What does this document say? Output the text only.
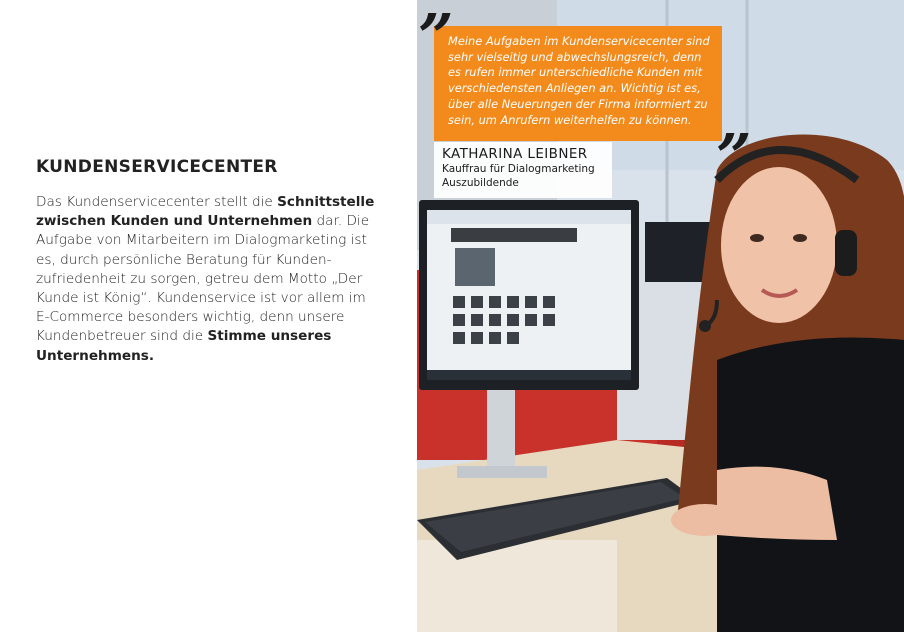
KUNDENSERVICECENTER

Das Kundenservicecenter stellt die Schnittstelle zwischen Kunden und Unternehmen dar. Die Aufgabe von Mitarbeitern im Dialogmarketing ist es, durch persönliche Beratung für Kunden-zufriedenheit zu sorgen, getreu dem Motto „Der Kunde ist König“. Kundenservice ist vor allem im E-Commerce besonders wichtig, denn unsere Kundenbetreuer sind die Stimme unseres Unternehmens.

Meine Aufgaben im Kundenservicecenter sind sehr vielseitig und abwechslungsreich, denn es rufen immer unterschiedliche Kunden mit verschiedensten Anliegen an. Wichtig ist es, über alle Neuerungen der Firma informiert zu sein, um Anrufern weiterhelfen zu können.

”
”
KATHARINA LEIBNER
Kauffrau für Dialogmarketing
Auszubildende
